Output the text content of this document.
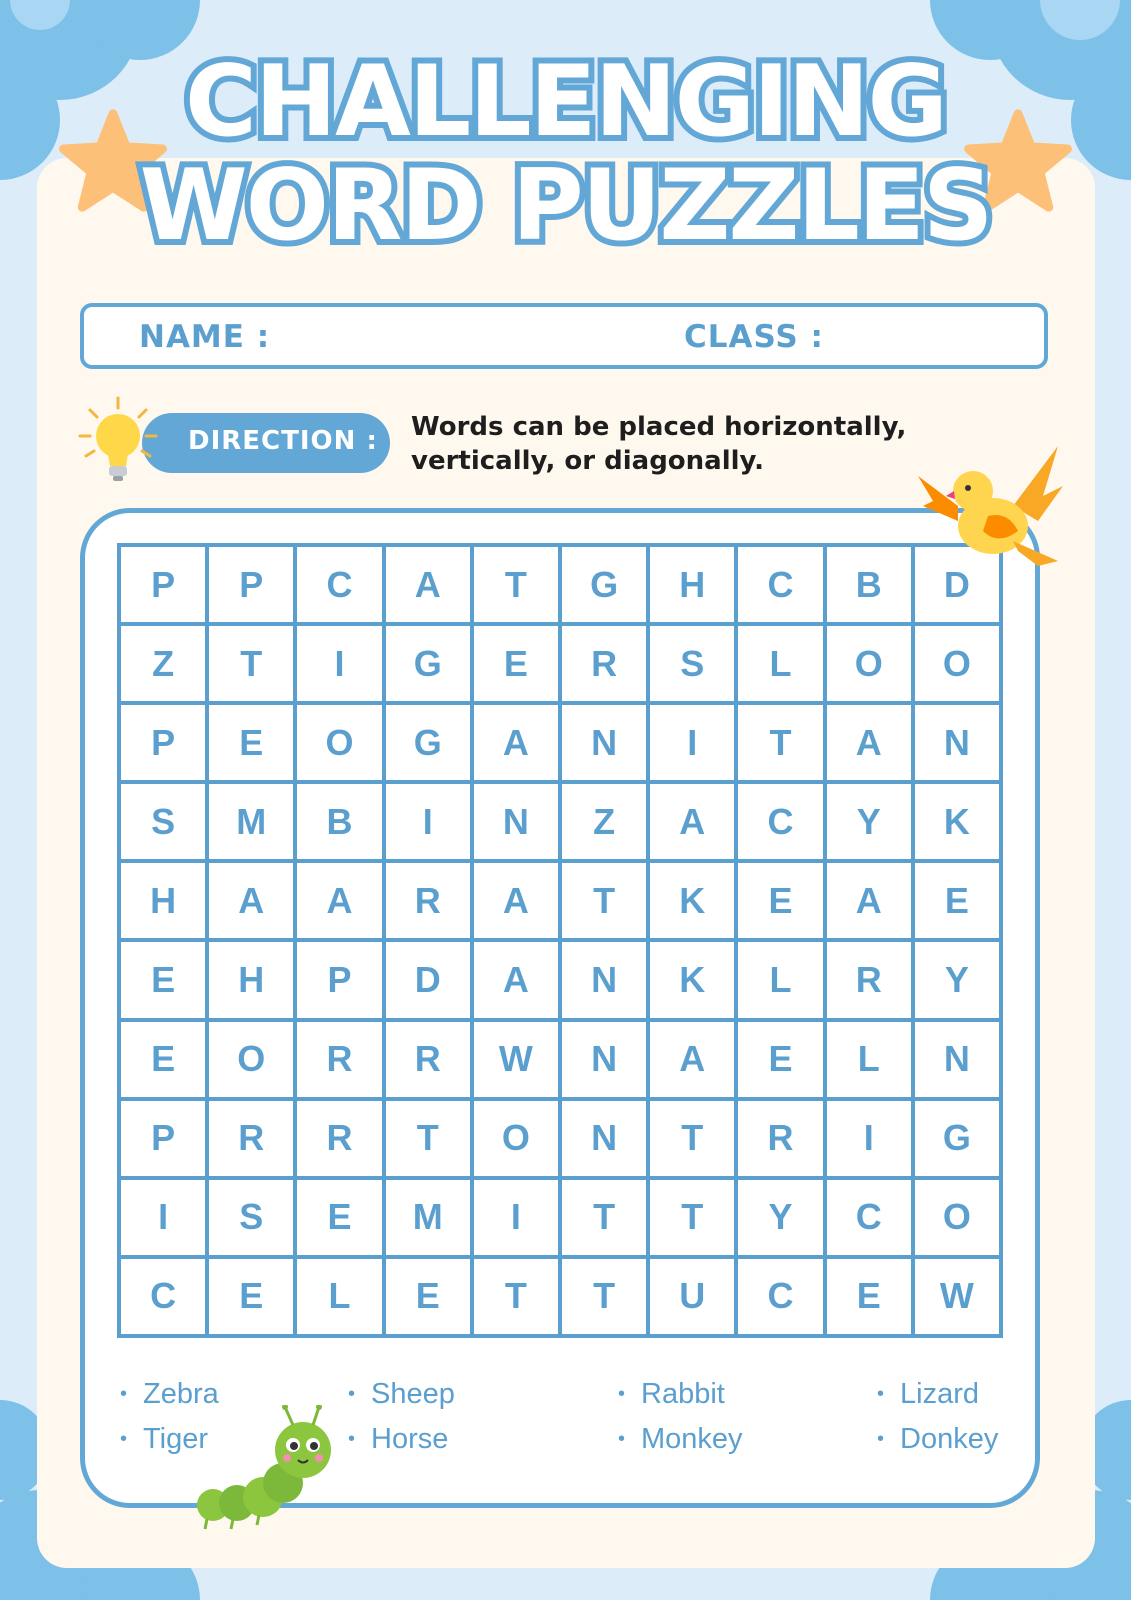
CHALLENGING
WORD PUZZLES
NAME :	CLASS :
DIRECTION : Words can be placed horizontally, vertically, or diagonally.
P	P	C	A	T	G	H	C	B	D
Z	T	I	G	E	R	S	L	O	O
P	E	O	G	A	N	I	T	A	N
S	M	B	I	N	Z	A	C	Y	K
H	A	A	R	A	T	K	E	A	E
E	H	P	D	A	N	K	L	R	Y
E	O	R	R	W	N	A	E	L	N
P	R	R	T	O	N	T	R	I	G
I	S	E	M	I	T	T	Y	C	O
C	E	L	E	T	T	U	C	E	W
• Zebra
• Tiger
• Sheep
• Horse
• Rabbit
• Monkey
• Lizard
• Donkey
